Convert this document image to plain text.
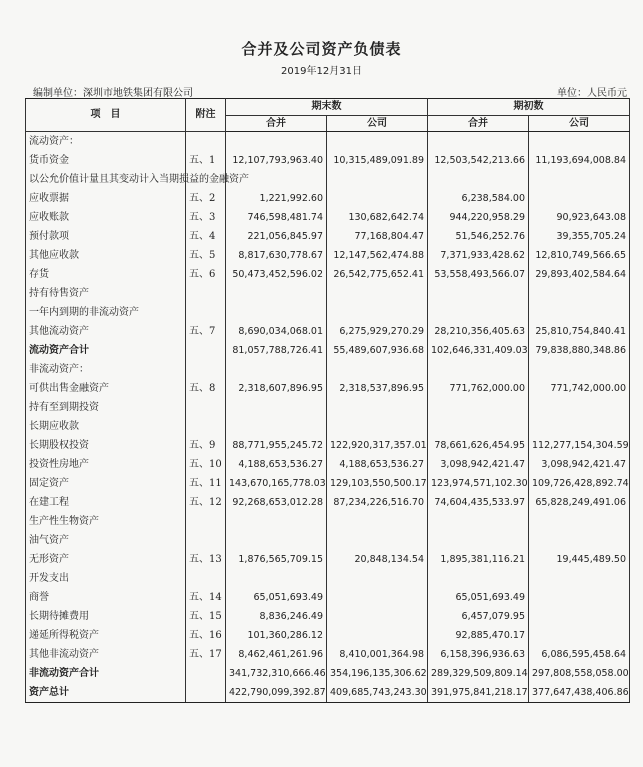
合并及公司资产负债表
2019年12月31日
编制单位：深圳市地铁集团有限公司	单位：人民币元
项　目	附注	期末数		期初数	
		合并	公司	合并	公司
流动资产：					
货币资金	五、1	12,107,793,963.40	10,315,489,091.89	12,503,542,213.66	11,193,694,008.84
以公允价值计量且其变动计入当期损益的金融资产					
应收票据	五、2	1,221,992.60		6,238,584.00	
应收账款	五、3	746,598,481.74	130,682,642.74	944,220,958.29	90,923,643.08
预付款项	五、4	221,056,845.97	77,168,804.47	51,546,252.76	39,355,705.24
其他应收款	五、5	8,817,630,778.67	12,147,562,474.88	7,371,933,428.62	12,810,749,566.65
存货	五、6	50,473,452,596.02	26,542,775,652.41	53,558,493,566.07	29,893,402,584.64
持有待售资产					
一年内到期的非流动资产					
其他流动资产	五、7	8,690,034,068.01	6,275,929,270.29	28,210,356,405.63	25,810,754,840.41
流动资产合计		81,057,788,726.41	55,489,607,936.68	102,646,331,409.03	79,838,880,348.86
非流动资产：					
可供出售金融资产	五、8	2,318,607,896.95	2,318,537,896.95	771,762,000.00	771,742,000.00
持有至到期投资					
长期应收款					
长期股权投资	五、9	88,771,955,245.72	122,920,317,357.01	78,661,626,454.95	112,277,154,304.59
投资性房地产	五、10	4,188,653,536.27	4,188,653,536.27	3,098,942,421.47	3,098,942,421.47
固定资产	五、11	143,670,165,778.03	129,103,550,500.17	123,974,571,102.30	109,726,428,892.74
在建工程	五、12	92,268,653,012.28	87,234,226,516.70	74,604,435,533.97	65,828,249,491.06
生产性生物资产					
油气资产					
无形资产	五、13	1,876,565,709.15	20,848,134.54	1,895,381,116.21	19,445,489.50
开发支出					
商誉	五、14	65,051,693.49		65,051,693.49	
长期待摊费用	五、15	8,836,246.49		6,457,079.95	
递延所得税资产	五、16	101,360,286.12		92,885,470.17	
其他非流动资产	五、17	8,462,461,261.96	8,410,001,364.98	6,158,396,936.63	6,086,595,458.64
非流动资产合计		341,732,310,666.46	354,196,135,306.62	289,329,509,809.14	297,808,558,058.00
资产总计		422,790,099,392.87	409,685,743,243.30	391,975,841,218.17	377,647,438,406.86
